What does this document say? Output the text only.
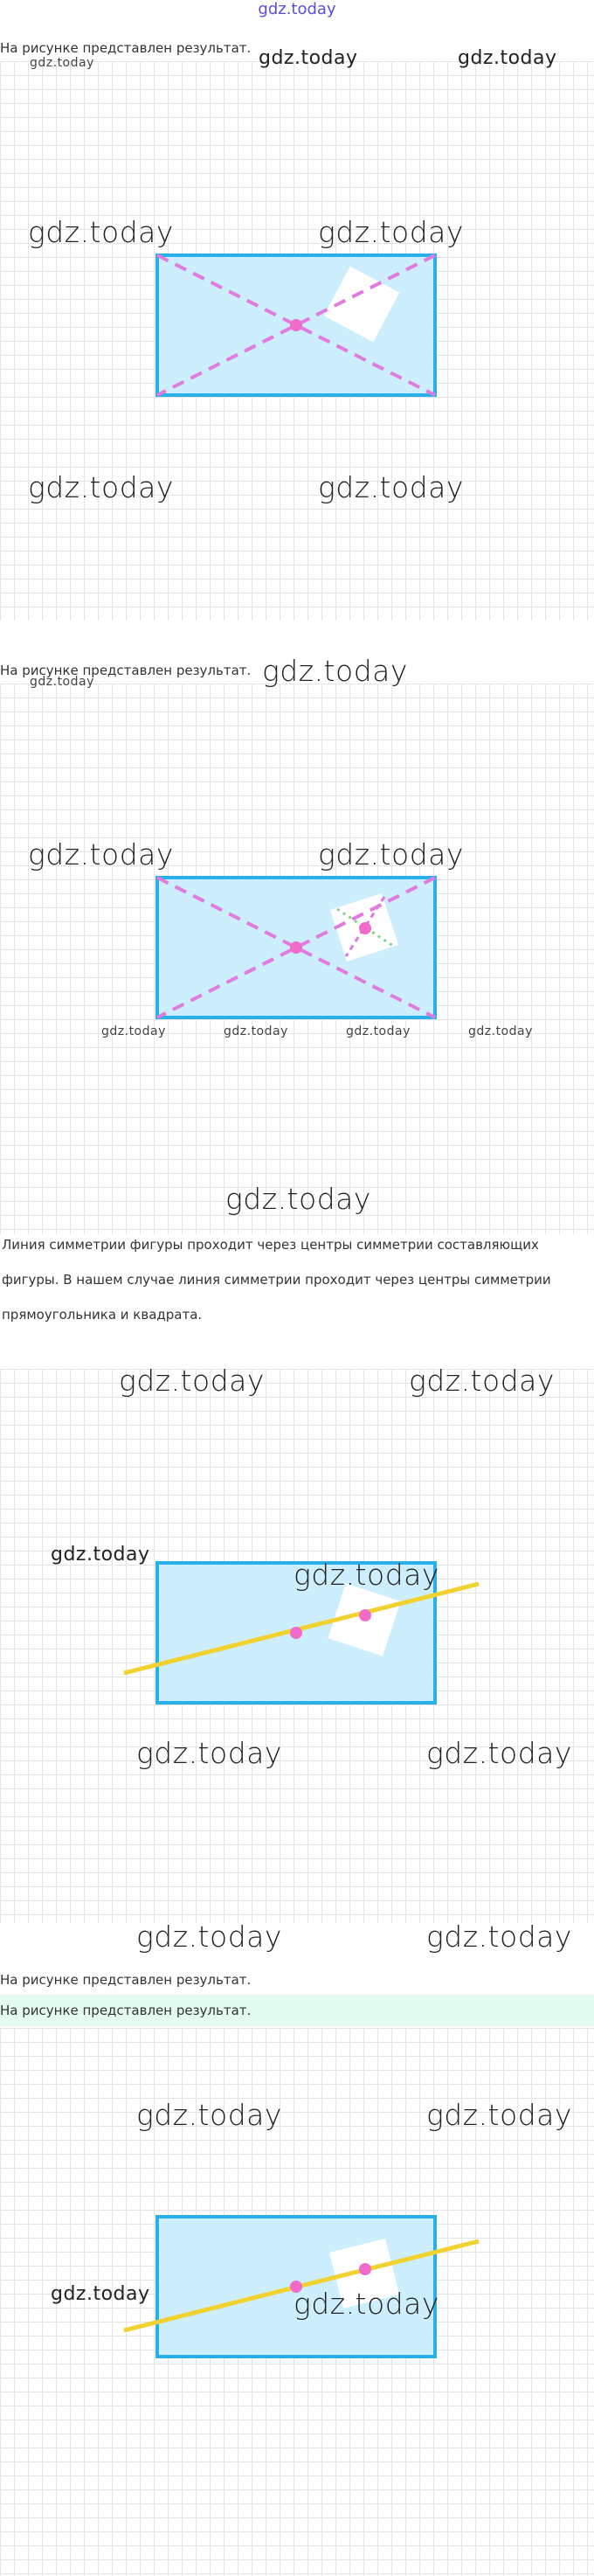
gdz.today
На рисунке представлен результат.
gdz.today	gdz.today	gdz.today
gdz.today	gdz.today
gdz.today	gdz.today
На рисунке представлен результат.
gdz.today	gdz.today
gdz.today	gdz.today
gdz.today	gdz.today	gdz.today	gdz.today
gdz.today
Линия симметрии фигуры проходит через центры симметрии составляющих
фигуры. В нашем случае линия симметрии проходит через центры симметрии
прямоугольника и квадрата.
gdz.today	gdz.today
gdz.today
gdz.today
gdz.today	gdz.today
gdz.today	gdz.today
На рисунке представлен результат.
На рисунке представлен результат.
gdz.today	gdz.today
gdz.today	gdz.today
